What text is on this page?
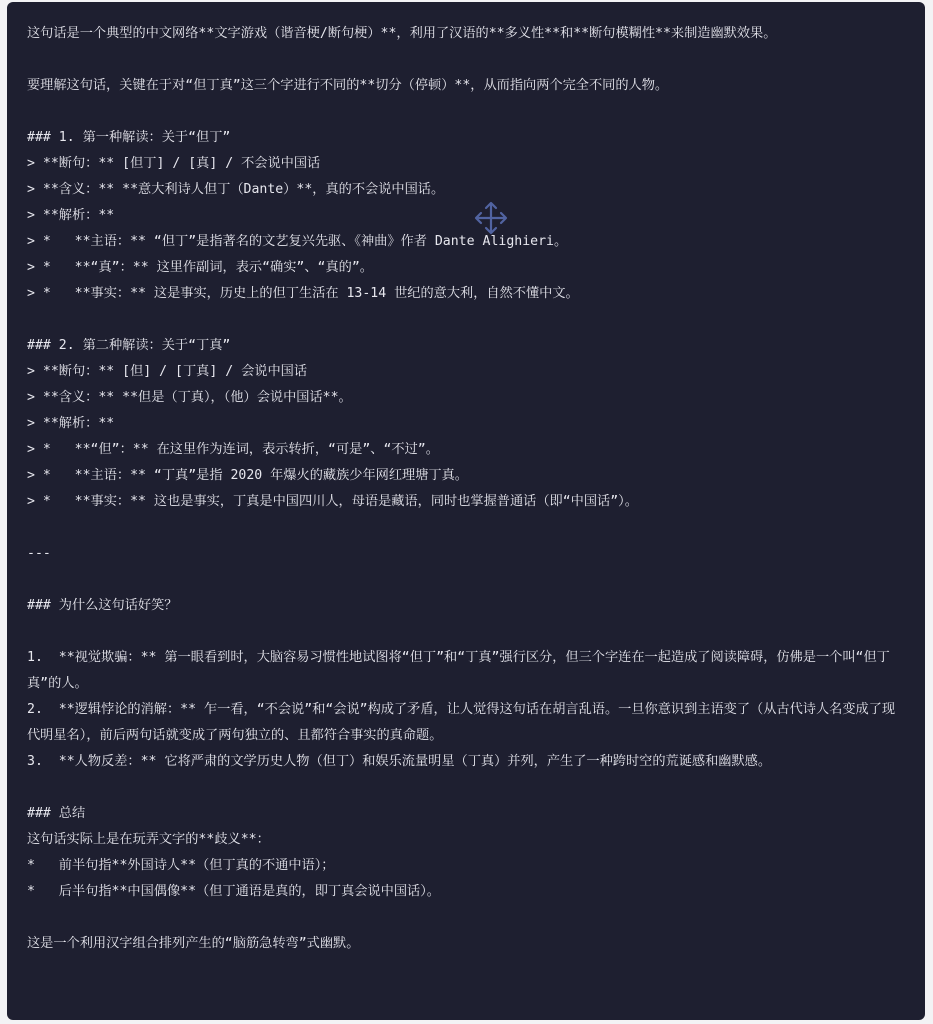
这句话是一个典型的中文网络**文字游戏（谐音梗/断句梗）**，利用了汉语的**多义性**和**断句模糊性**来制造幽默效果。
要理解这句话，关键在于对“但丁真”这三个字进行不同的**切分（停顿）**，从而指向两个完全不同的人物。
### 1. 第一种解读：关于“但丁”
> **断句：** [但丁] / [真] / 不会说中国话
> **含义：** **意大利诗人但丁（Dante）**，真的不会说中国话。
> **解析：**
> *   **主语：** “但丁”是指著名的文艺复兴先驱、《神曲》作者 Dante Alighieri。
> *   **“真”：** 这里作副词，表示“确实”、“真的”。
> *   **事实：** 这是事实，历史上的但丁生活在 13-14 世纪的意大利，自然不懂中文。
### 2. 第二种解读：关于“丁真”
> **断句：** [但] / [丁真] / 会说中国话
> **含义：** **但是（丁真），（他）会说中国话**。
> **解析：**
> *   **“但”：** 在这里作为连词，表示转折，“可是”、“不过”。
> *   **主语：** “丁真”是指 2020 年爆火的藏族少年网红理塘丁真。
> *   **事实：** 这也是事实，丁真是中国四川人，母语是藏语，同时也掌握普通话（即“中国话”）。
---
### 为什么这句话好笑？
1.  **视觉欺骗：** 第一眼看到时，大脑容易习惯性地试图将“但丁”和“丁真”强行区分，但三个字连在一起造成了阅读障碍，仿佛是一个叫“但丁真”的人。
2.  **逻辑悖论的消解：** 乍一看，“不会说”和“会说”构成了矛盾，让人觉得这句话在胡言乱语。一旦你意识到主语变了（从古代诗人名变成了现代明星名），前后两句话就变成了两句独立的、且都符合事实的真命题。
3.  **人物反差：** 它将严肃的文学历史人物（但丁）和娱乐流量明星（丁真）并列，产生了一种跨时空的荒诞感和幽默感。
### 总结
这句话实际上是在玩弄文字的**歧义**：
*   前半句指**外国诗人**（但丁真的不通中语）；
*   后半句指**中国偶像**（但丁通语是真的，即丁真会说中国话）。
这是一个利用汉字组合排列产生的“脑筋急转弯”式幽默。
